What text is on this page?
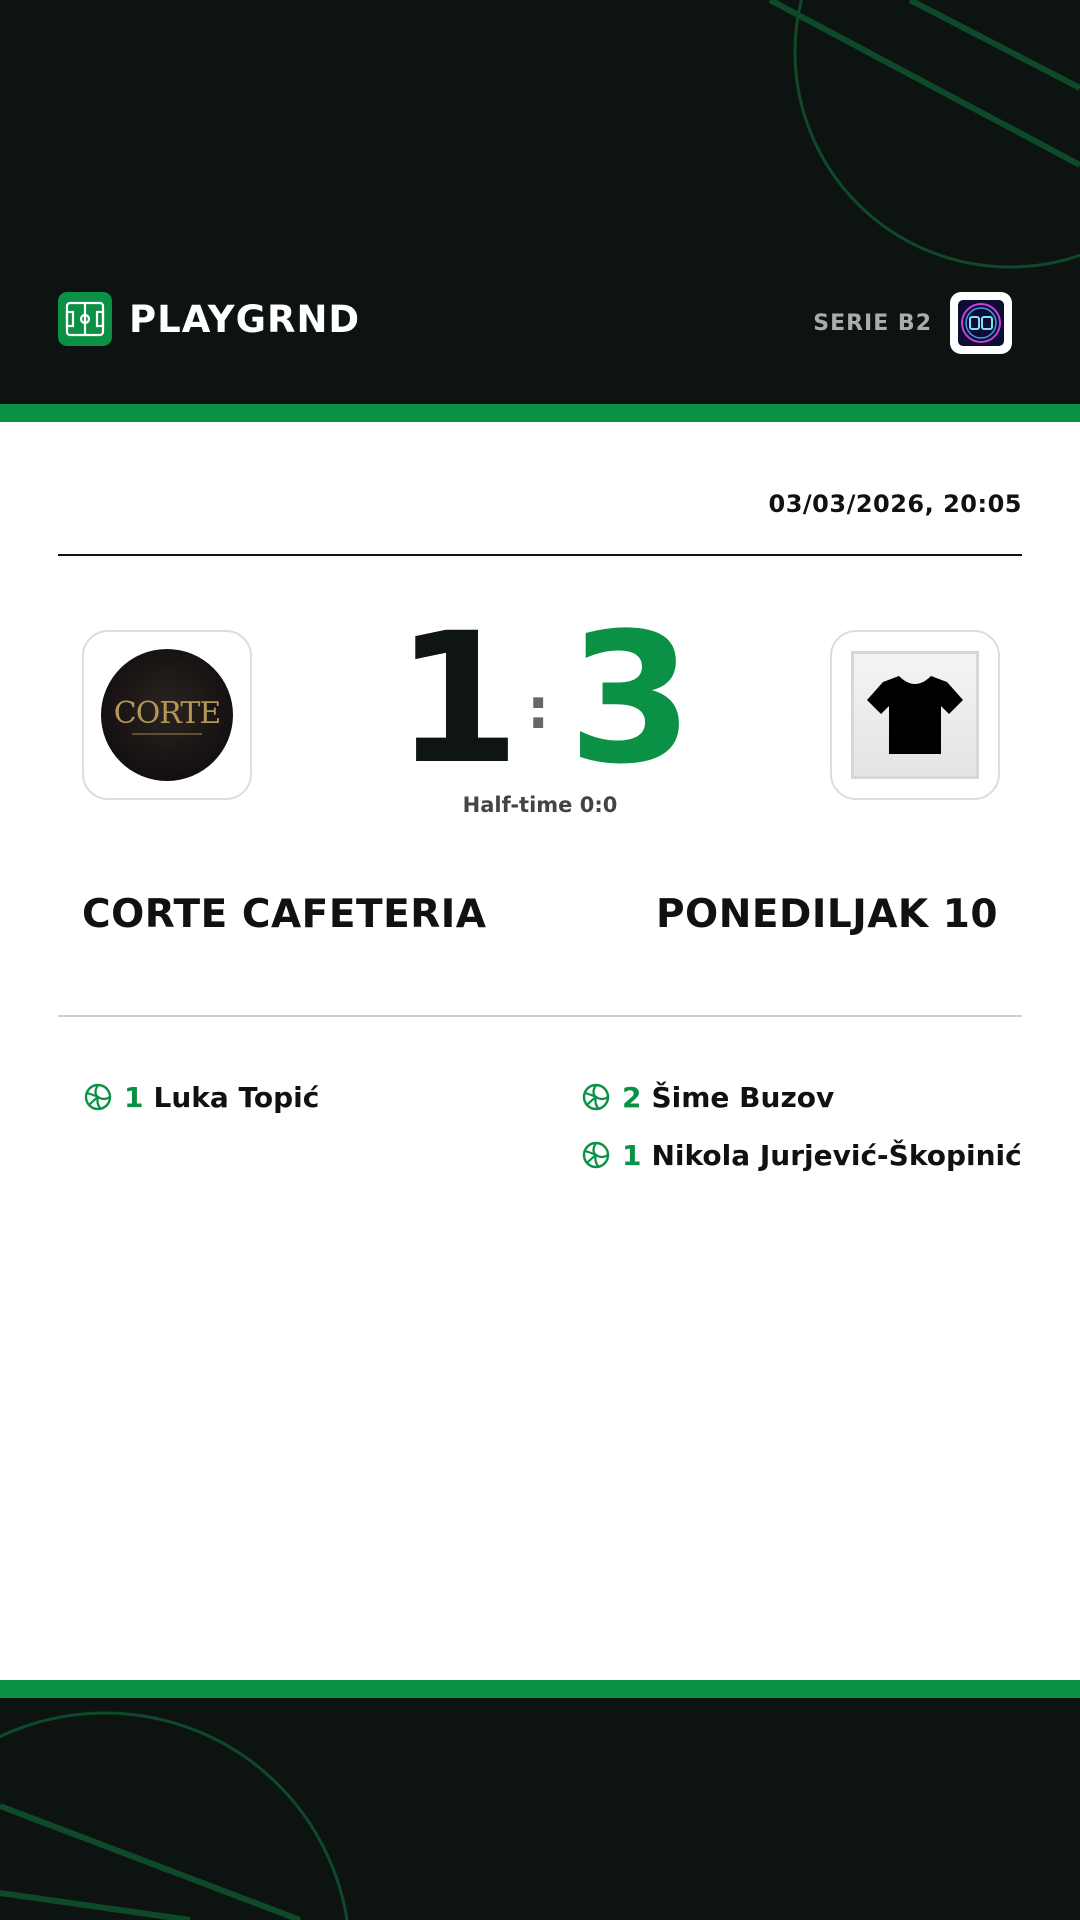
PLAYGRND	SERIE B2
03/03/2026, 20:05
CORTE 1 : 3
Half-time 0:0
CORTE CAFETERIA	PONEDILJAK 10
1 Luka Topić	2 Šime Buzov
1 Nikola Jurjević-Škopinić
